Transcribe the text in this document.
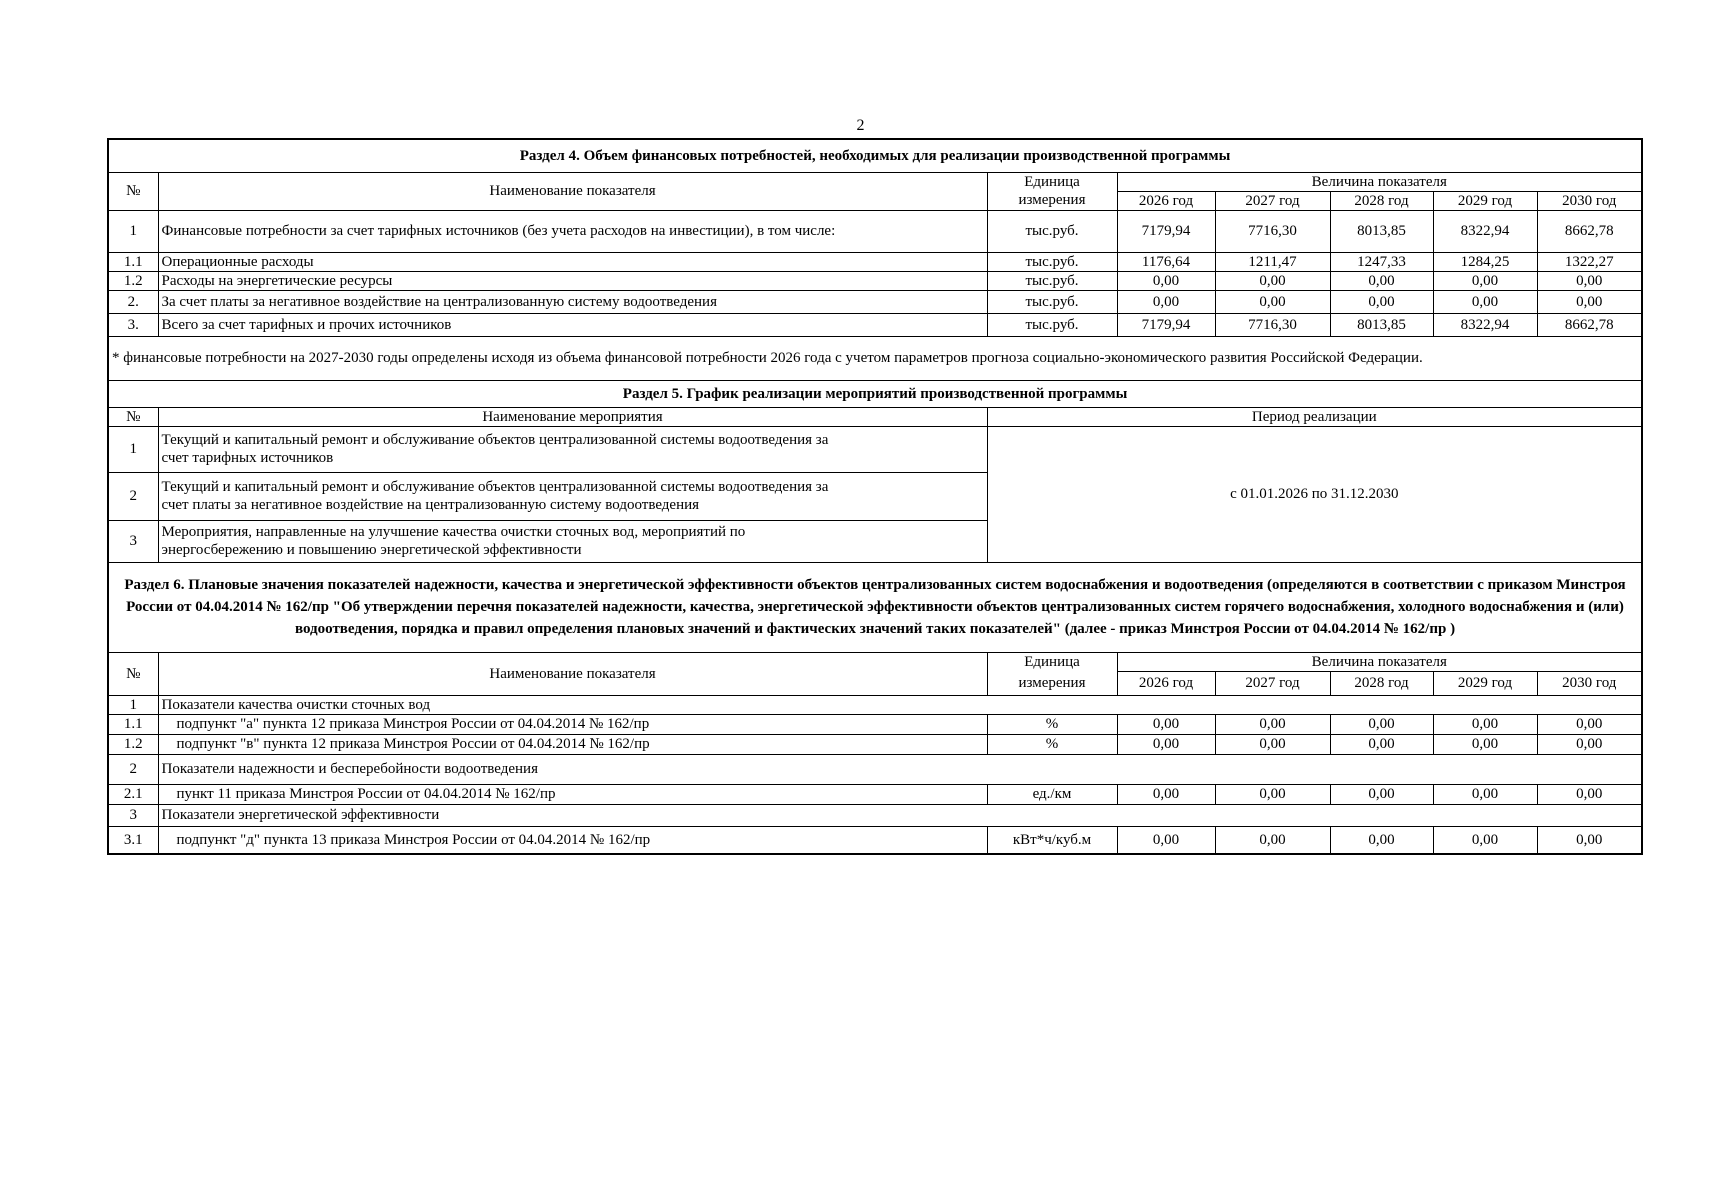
2
Раздел 4. Объем финансовых потребностей, необходимых для реализации производственной программы							
№	Наименование показателя	Единица	Величина показателя				
		измерения	2026 год	2027 год	2028 год	2029 год	2030 год
1	Финансовые потребности за счет тарифных источников (без учета расходов на инвестиции), в том числе:	тыс.руб.	7179,94	7716,30	8013,85	8322,94	8662,78
1.1	Операционные расходы	тыс.руб.	1176,64	1211,47	1247,33	1284,25	1322,27
1.2	Расходы на энергетические ресурсы	тыс.руб.	0,00	0,00	0,00	0,00	0,00
2.	За счет платы за негативное воздействие на централизованную систему водоотведения	тыс.руб.	0,00	0,00	0,00	0,00	0,00
3.	Всего за счет тарифных и прочих источников	тыс.руб.	7179,94	7716,30	8013,85	8322,94	8662,78
* финансовые потребности на 2027-2030 годы определены исходя из объема финансовой потребности 2026 года с учетом параметров прогноза социально-экономического развития Российской Федерации.							
Раздел 5. График реализации мероприятий производственной программы							
№	Наименование мероприятия	Период реализации					
1	Текущий и капитальный ремонт и обслуживание объектов централизованной системы водоотведения за
счет тарифных источников	с 01.01.2026 по 31.12.2030					
2	Текущий и капитальный ремонт и обслуживание объектов централизованной системы водоотведения за
счет платы за негативное воздействие на централизованную систему водоотведения						

3	Мероприятия, направленные на улучшение качества очистки сточных вод, мероприятий по
энергосбережению и повышению энергетической эффективности						

Раздел 6. Плановые значения показателей надежности, качества и энергетической эффективности объектов централизованных систем водоснабжения и водоотведения (определяются в соответствии с приказом Минстроя России от 04.04.2014 № 162/пр "Об утверждении перечня показателей надежности, качества, энергетической эффективности объектов централизованных систем горячего водоснабжения, холодного водоснабжения и (или) водоотведения, порядка и правил определения плановых значений и фактических значений таких показателей" (далее - приказ Минстроя России от 04.04.2014 № 162/пр )							
№	Наименование показателя	Единица	Величина показателя				
		измерения	2026 год	2027 год	2028 год	2029 год	2030 год
1	Показатели качества очистки сточных вод						
1.1	подпункт "а" пункта 12 приказа Минстроя России от 04.04.2014 № 162/пр	%	0,00	0,00	0,00	0,00	0,00
1.2	подпункт "в" пункта 12 приказа Минстроя России от 04.04.2014 № 162/пр	%	0,00	0,00	0,00	0,00	0,00
2	Показатели надежности и бесперебойности водоотведения						
2.1	пункт 11 приказа Минстроя России от 04.04.2014 № 162/пр	ед./км	0,00	0,00	0,00	0,00	0,00
3	Показатели энергетической эффективности						
3.1	подпункт "д" пункта 13 приказа Минстроя России от 04.04.2014 № 162/пр	кВт*ч/куб.м	0,00	0,00	0,00	0,00	0,00
